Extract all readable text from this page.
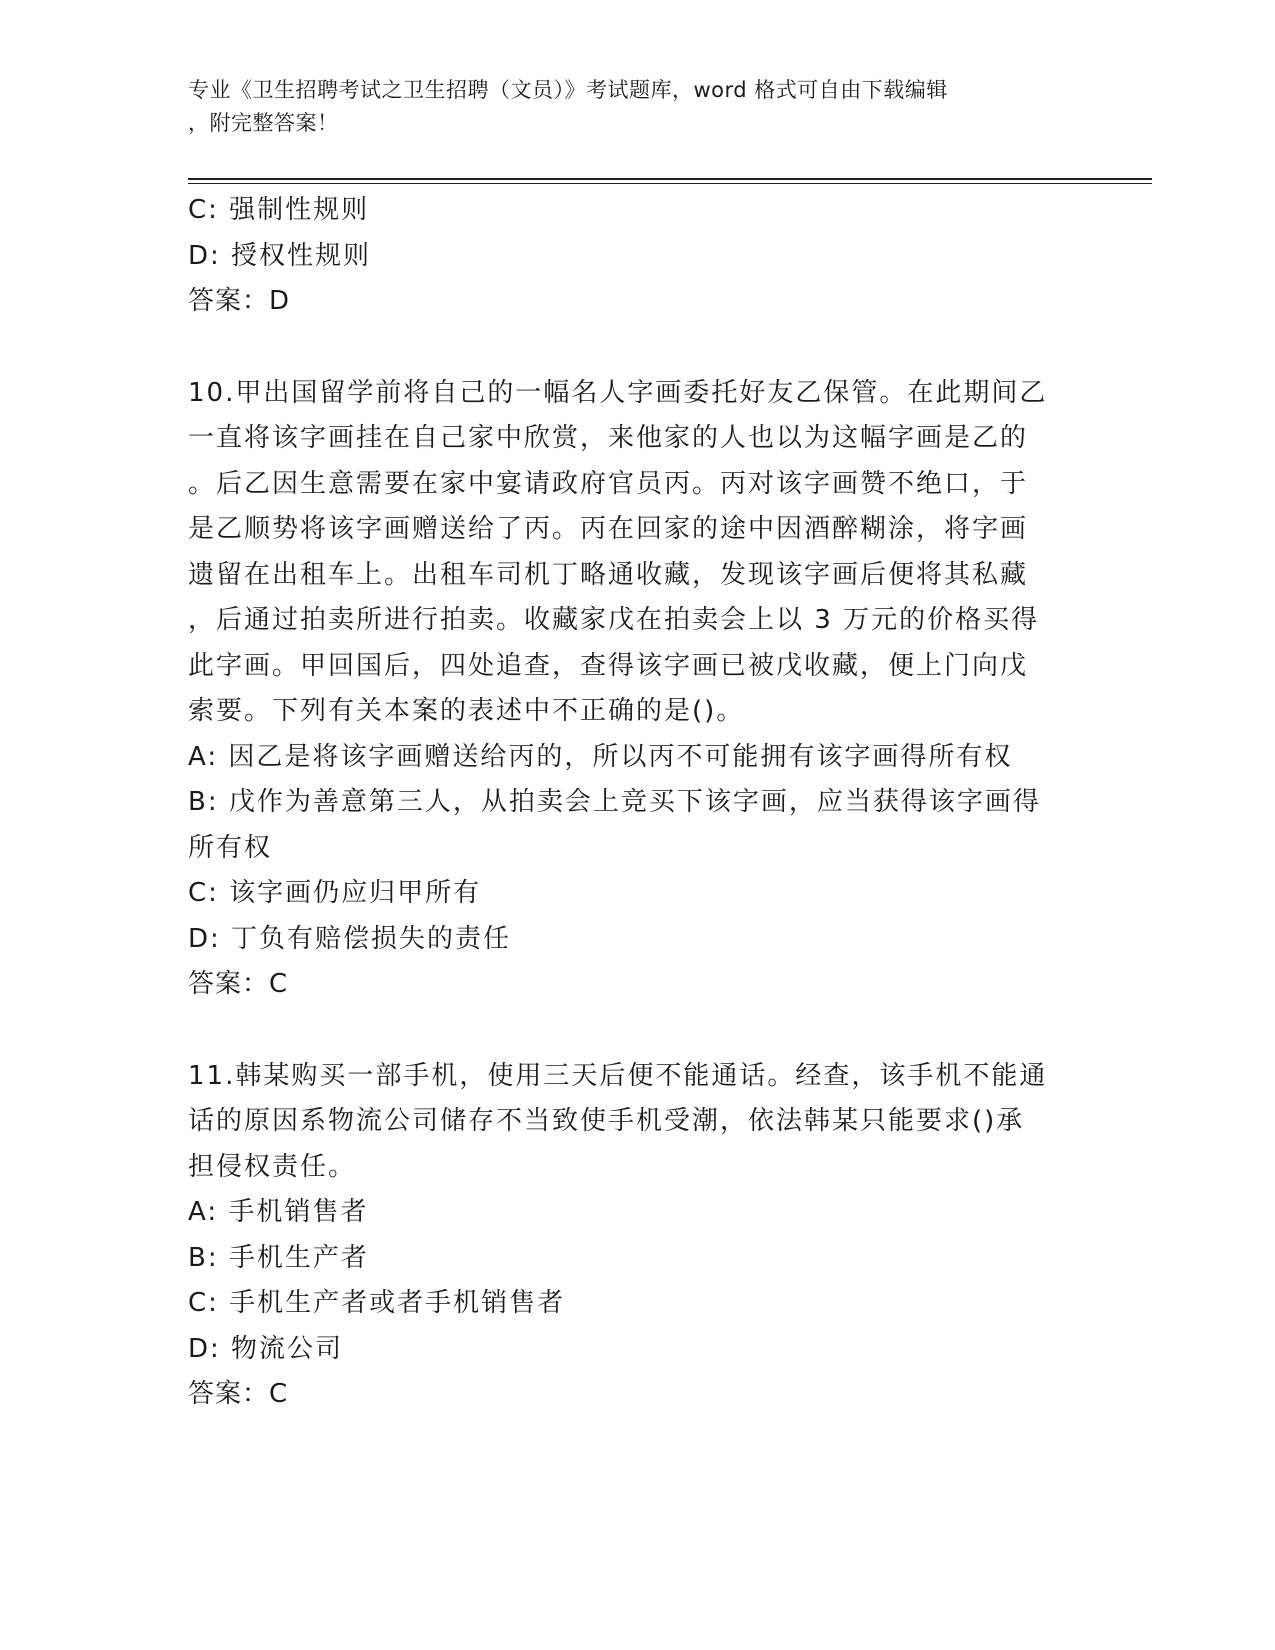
专业《卫生招聘考试之卫生招聘（文员）》考试题库，word 格式可自由下载编辑
，附完整答案！
C: 强制性规则
D: 授权性规则
答案：D
10.甲出国留学前将自己的一幅名人字画委托好友乙保管。在此期间乙
一直将该字画挂在自己家中欣赏，来他家的人也以为这幅字画是乙的
。后乙因生意需要在家中宴请政府官员丙。丙对该字画赞不绝口，于
是乙顺势将该字画赠送给了丙。丙在回家的途中因酒醉糊涂，将字画
遗留在出租车上。出租车司机丁略通收藏，发现该字画后便将其私藏
，后通过拍卖所进行拍卖。收藏家戊在拍卖会上以 3 万元的价格买得
此字画。甲回国后，四处追查，查得该字画已被戊收藏，便上门向戊
索要。下列有关本案的表述中不正确的是()。
A: 因乙是将该字画赠送给丙的，所以丙不可能拥有该字画得所有权
B: 戊作为善意第三人，从拍卖会上竞买下该字画，应当获得该字画得
所有权
C: 该字画仍应归甲所有
D: 丁负有赔偿损失的责任
答案：C
11.韩某购买一部手机，使用三天后便不能通话。经查，该手机不能通
话的原因系物流公司储存不当致使手机受潮，依法韩某只能要求()承
担侵权责任。
A: 手机销售者
B: 手机生产者
C: 手机生产者或者手机销售者
D: 物流公司
答案：C
